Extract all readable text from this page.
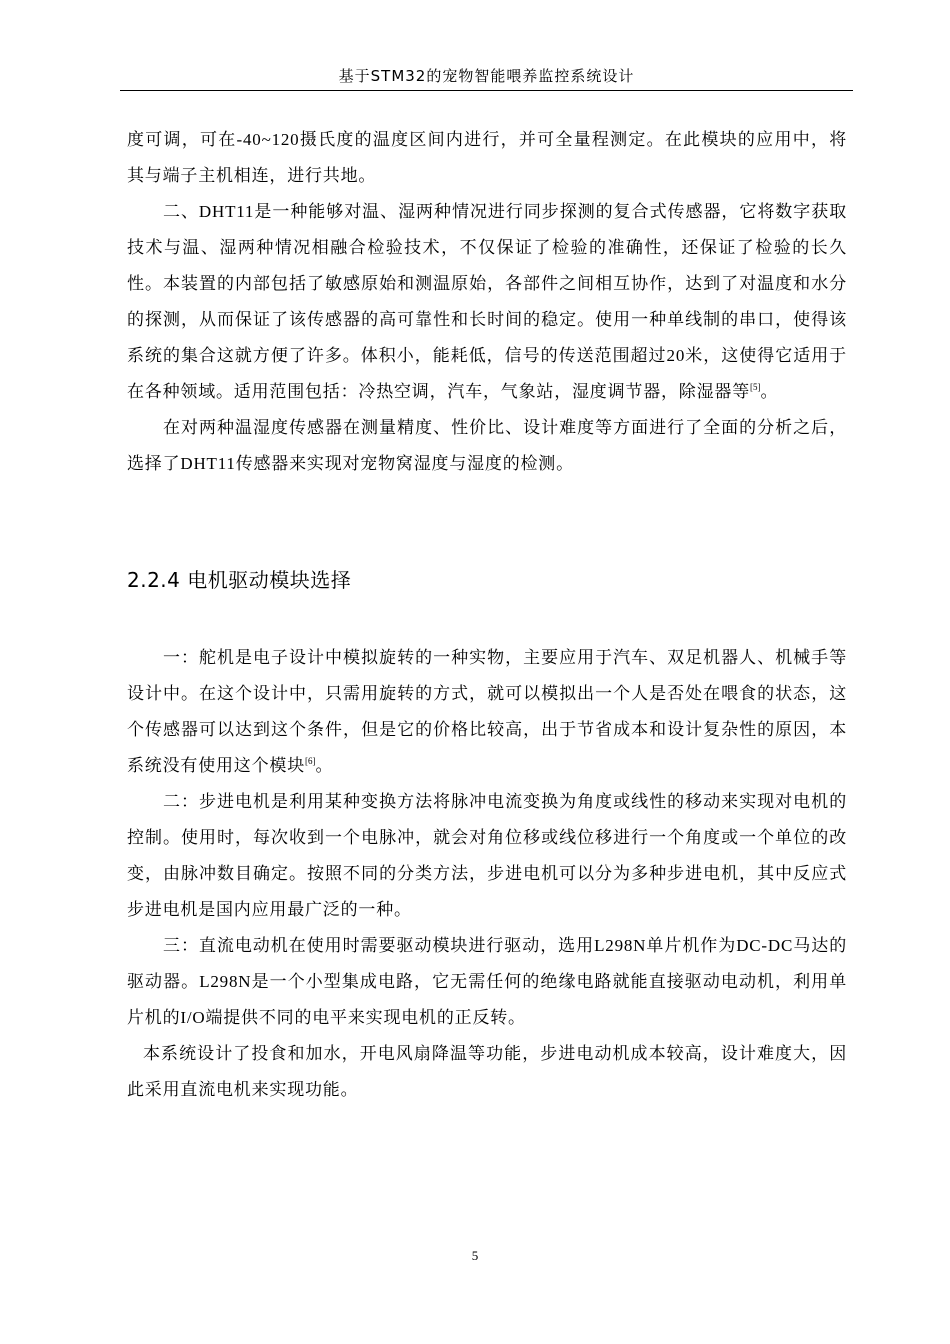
基于STM32的宠物智能喂养监控系统设计

度可调，可在-40~120摄氏度的温度区间内进行，并可全量程测定。在此模块的应用中，将其与端子主机相连，进行共地。

二、DHT11是一种能够对温、湿两种情况进行同步探测的复合式传感器，它将数字获取技术与温、湿两种情况相融合检验技术，不仅保证了检验的准确性，还保证了检验的长久性。本装置的内部包括了敏感原始和测温原始，各部件之间相互协作，达到了对温度和水分的探测，从而保证了该传感器的高可靠性和长时间的稳定。使用一种单线制的串口，使得该系统的集合这就方便了许多。体积小，能耗低，信号的传送范围超过20米，这使得它适用于在各种领域。适用范围包括：冷热空调，汽车，气象站，湿度调节器，除湿器等[5]。

在对两种温湿度传感器在测量精度、性价比、设计难度等方面进行了全面的分析之后，选择了DHT11传感器来实现对宠物窝湿度与湿度的检测。

2.2.4 电机驱动模块选择

一：舵机是电子设计中模拟旋转的一种实物，主要应用于汽车、双足机器人、机械手等设计中。在这个设计中，只需用旋转的方式，就可以模拟出一个人是否处在喂食的状态，这个传感器可以达到这个条件，但是它的价格比较高，出于节省成本和设计复杂性的原因，本系统没有使用这个模块[6]。

二：步进电机是利用某种变换方法将脉冲电流变换为角度或线性的移动来实现对电机的控制。使用时，每次收到一个电脉冲，就会对角位移或线位移进行一个角度或一个单位的改变，由脉冲数目确定。按照不同的分类方法，步进电机可以分为多种步进电机，其中反应式步进电机是国内应用最广泛的一种。

三：直流电动机在使用时需要驱动模块进行驱动，选用L298N单片机作为DC-DC马达的驱动器。L298N是一个小型集成电路，它无需任何的绝缘电路就能直接驱动电动机，利用单片机的I/O端提供不同的电平来实现电机的正反转。

本系统设计了投食和加水，开电风扇降温等功能，步进电动机成本较高，设计难度大，因此采用直流电机来实现功能。

5
